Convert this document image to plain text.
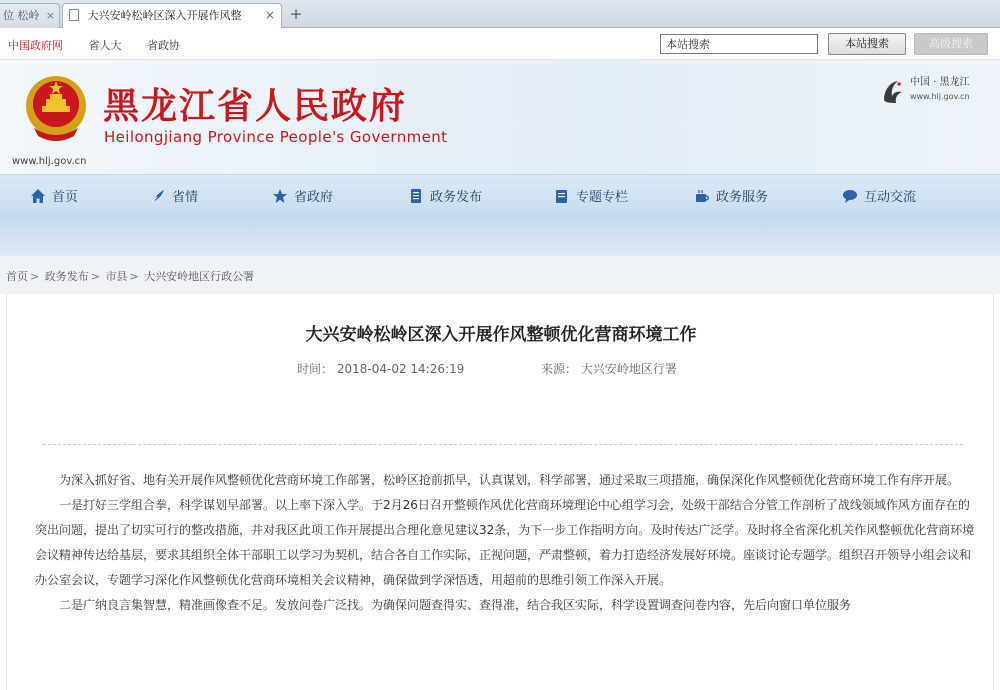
位 松岭 ×	大兴安岭松岭区深入开展作风整 × +
中国政府网 省人大 省政协
本站搜索	本站搜索	高级搜索
www.hlj.gov.cn
黑龙江省人民政府
Heilongjiang Province People's Government
中国 · 黑龙江
www.hlj.gov.cn
首页	省情	省政府	政务发布	专题专栏	政务服务	互动交流
首页 > 政务发布 > 市县 > 大兴安岭地区行政公署
大兴安岭松岭区深入开展作风整顿优化营商环境工作
时间： 2018-04-02 14:26:19	来源： 大兴安岭地区行署

为深入抓好省、地有关开展作风整顿优化营商环境工作部署，松岭区抢前抓早，认真谋划，科学部署，通过采取三项措施，确保深化作风整顿优化营商环境工作有序开展。

一是打好三学组合拳，科学谋划早部署。以上率下深入学。于2月26日召开整顿作风优化营商环境理论中心组学习会，处级干部结合分管工作剖析了战线领域作风方面存在的突出问题，提出了切实可行的整改措施，并对我区此项工作开展提出合理化意见建议32条，为下一步工作指明方向。及时传达广泛学。及时将全省深化机关作风整顿优化营商环境会议精神传达给基层，要求其组织全体干部职工以学习为契机，结合各自工作实际，正视问题，严肃整顿，着力打造经济发展好环境。座谈讨论专题学。组织召开领导小组会议和办公室会议，专题学习深化作风整顿优化营商环境相关会议精神，确保做到学深悟透，用超前的思维引领工作深入开展。

二是广纳良言集智慧，精准画像查不足。发放问卷广泛找。为确保问题查得实、查得准，结合我区实际，科学设置调查问卷内容，先后向窗口单位服务
